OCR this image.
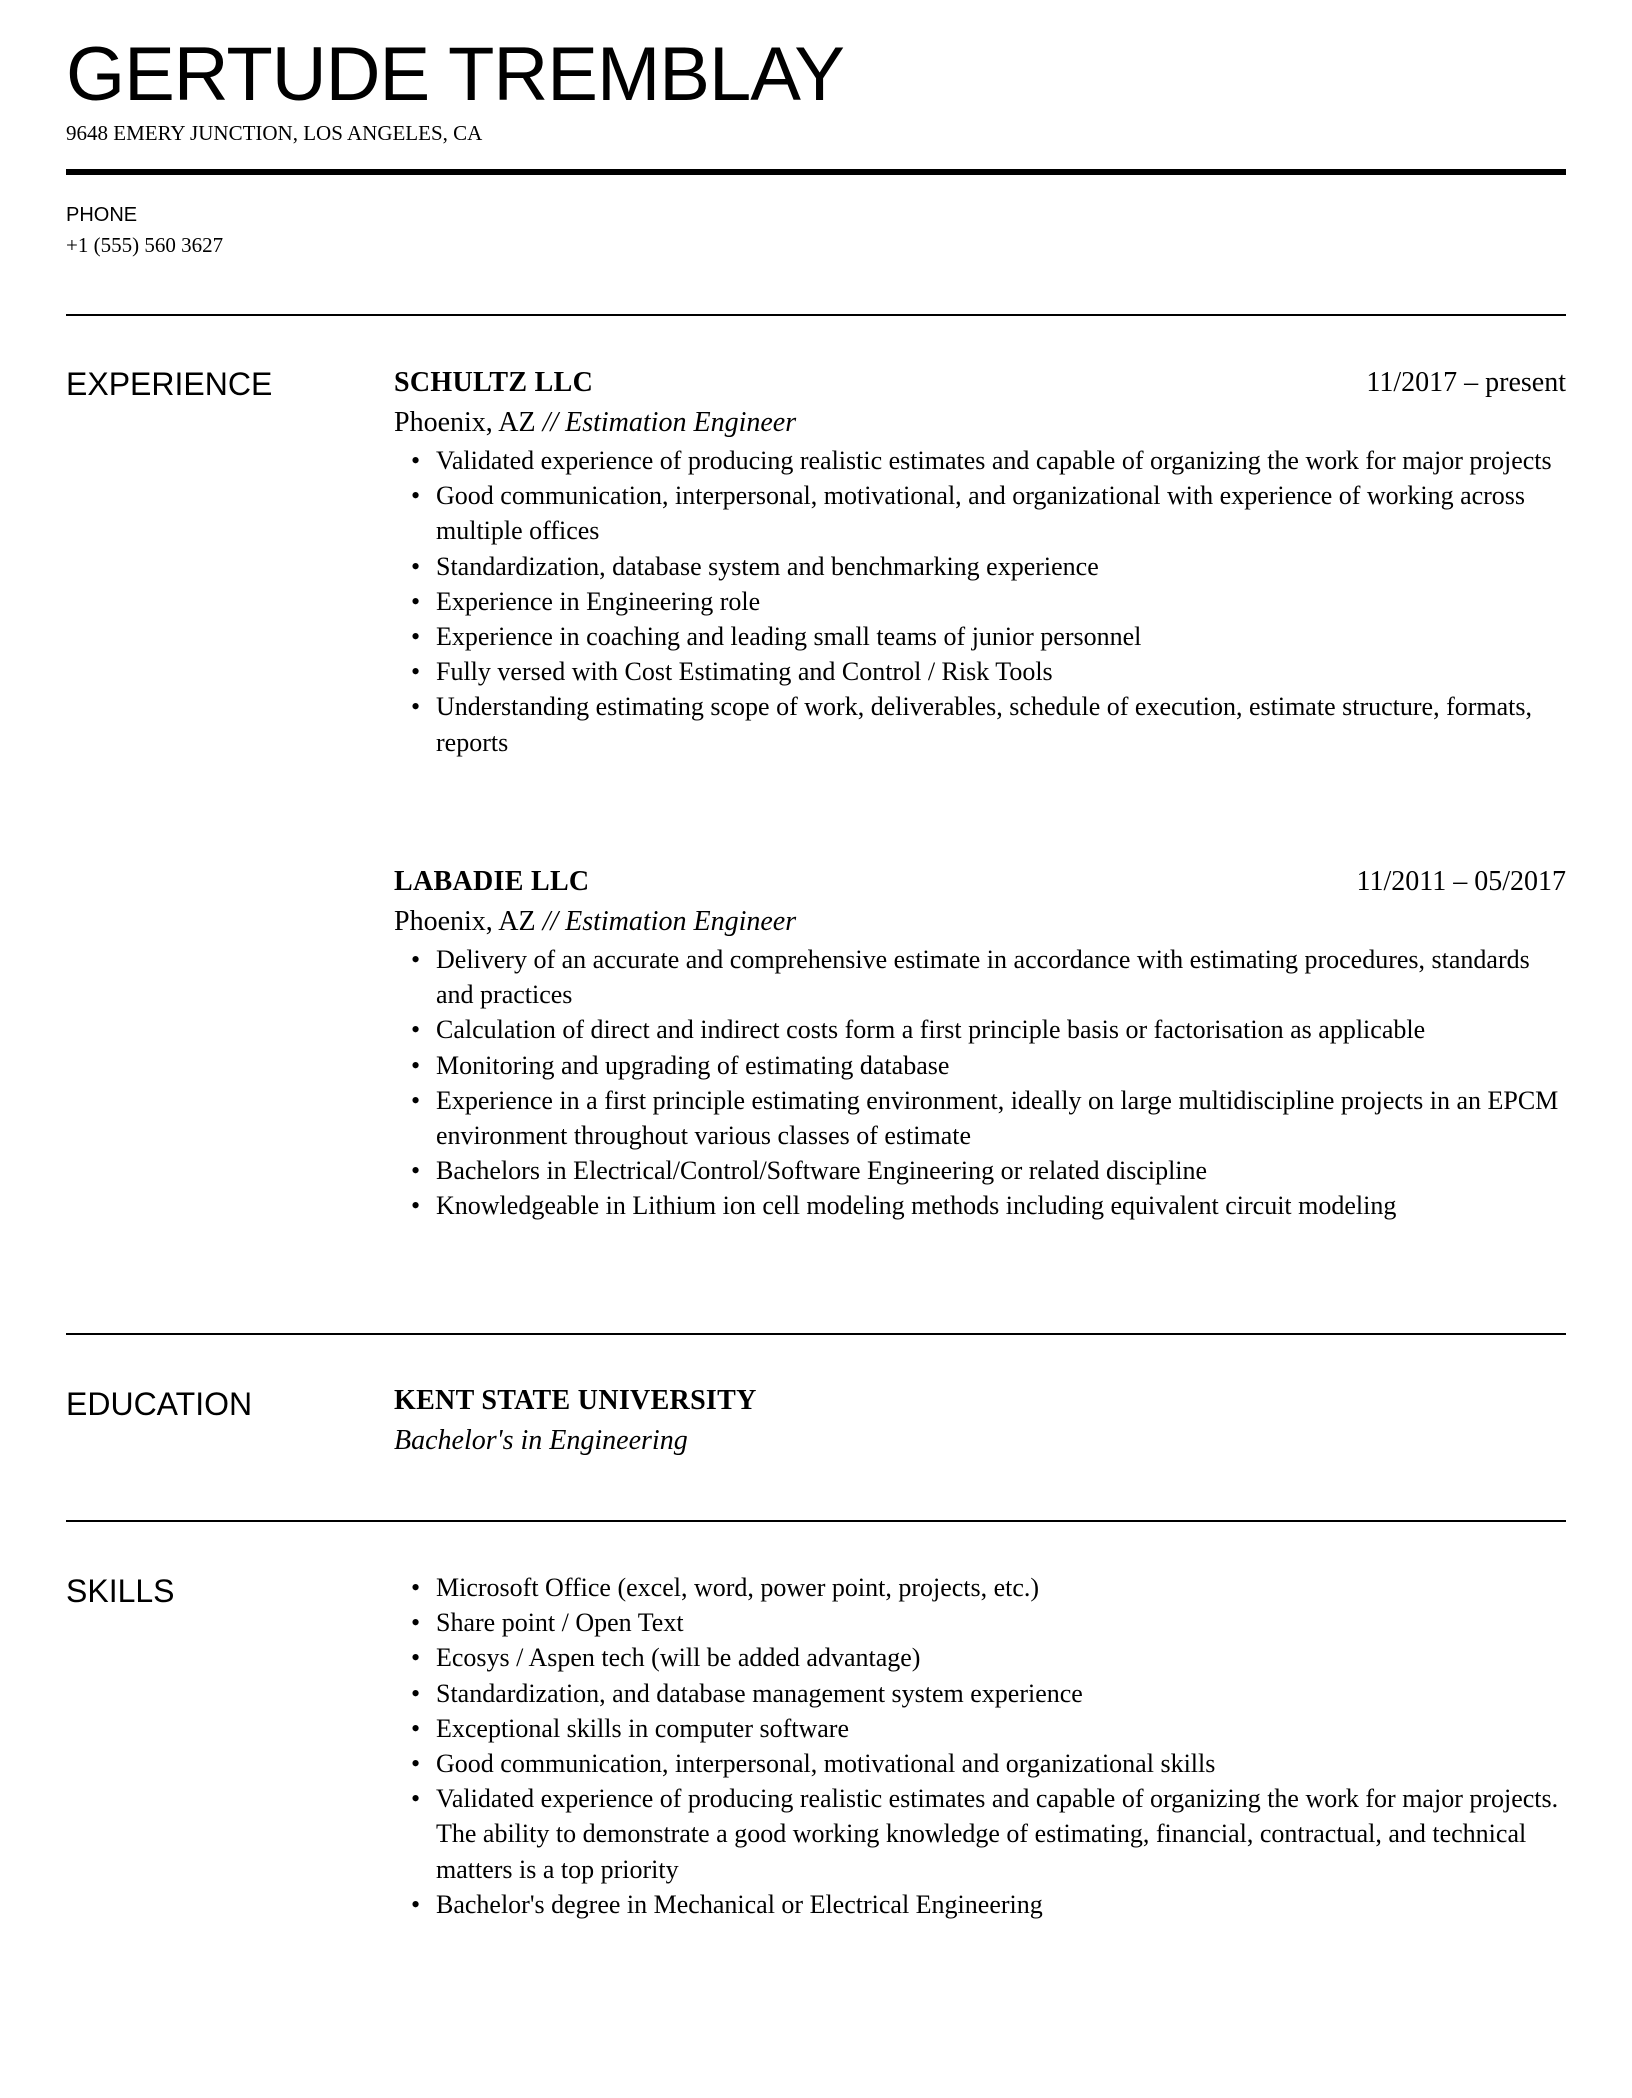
GERTUDE TREMBLAY
9648 EMERY JUNCTION, LOS ANGELES, CA
PHONE
+1 (555) 560 3627
EXPERIENCE	SCHULTZ LLC	11/2017 – present
Phoenix, AZ // Estimation Engineer
• Validated experience of producing realistic estimates and capable of organizing the work for major projects
• Good communication, interpersonal, motivational, and organizational with experience of working across multiple offices
• Standardization, database system and benchmarking experience
• Experience in Engineering role
• Experience in coaching and leading small teams of junior personnel
• Fully versed with Cost Estimating and Control / Risk Tools
• Understanding estimating scope of work, deliverables, schedule of execution, estimate structure, formats, reports
LABADIE LLC	11/2011 – 05/2017
Phoenix, AZ // Estimation Engineer
• Delivery of an accurate and comprehensive estimate in accordance with estimating procedures, standards and practices
• Calculation of direct and indirect costs form a first principle basis or factorisation as applicable
• Monitoring and upgrading of estimating database
• Experience in a first principle estimating environment, ideally on large multidiscipline projects in an EPCM environment throughout various classes of estimate
• Bachelors in Electrical/Control/Software Engineering or related discipline
• Knowledgeable in Lithium ion cell modeling methods including equivalent circuit modeling
EDUCATION	KENT STATE UNIVERSITY
Bachelor's in Engineering
SKILLS	• Microsoft Office (excel, word, power point, projects, etc.)
• Share point / Open Text
• Ecosys / Aspen tech (will be added advantage)
• Standardization, and database management system experience
• Exceptional skills in computer software
• Good communication, interpersonal, motivational and organizational skills
• Validated experience of producing realistic estimates and capable of organizing the work for major projects. The ability to demonstrate a good working knowledge of estimating, financial, contractual, and technical matters is a top priority
• Bachelor's degree in Mechanical or Electrical Engineering
